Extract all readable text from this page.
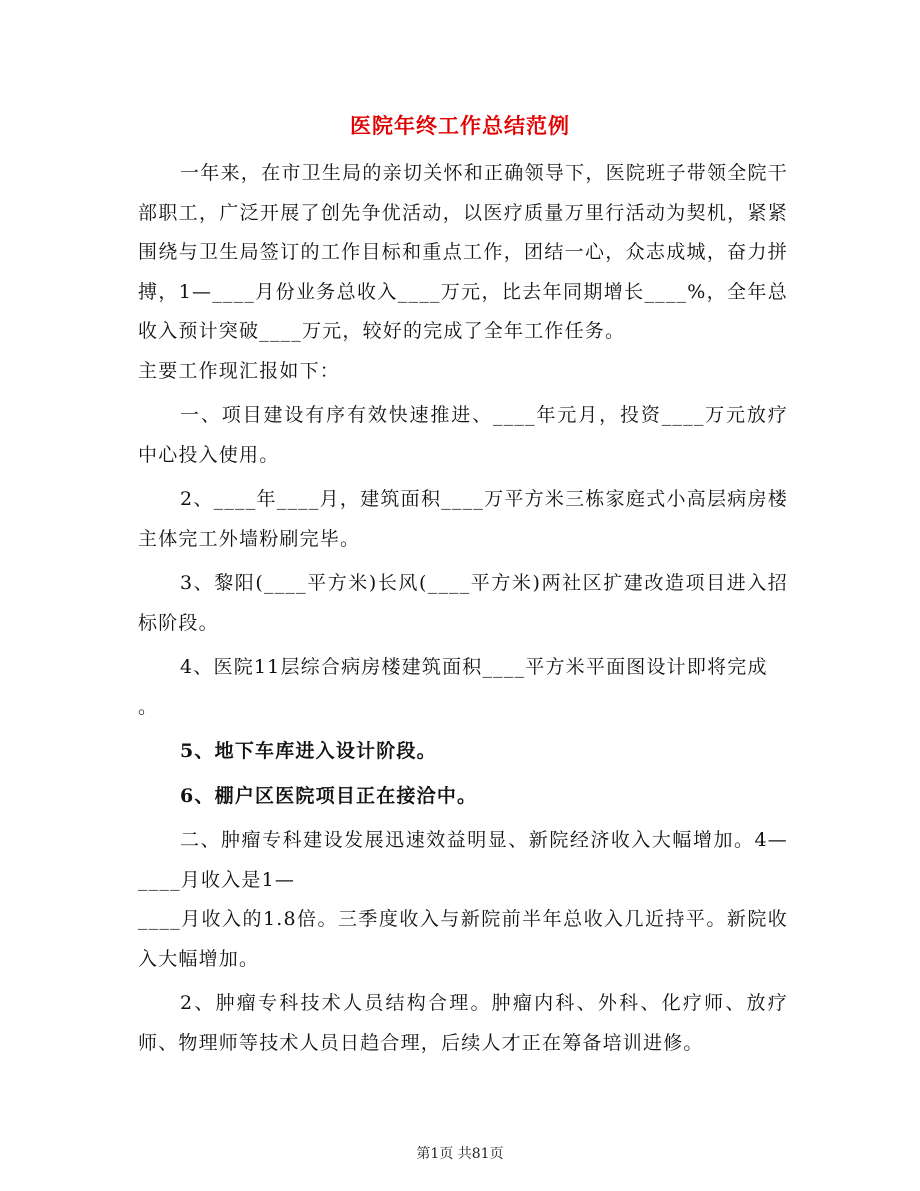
医院年终工作总结范例

一年来，在市卫生局的亲切关怀和正确领导下，医院班子带领全院干部职工，广泛开展了创先争优活动，以医疗质量万里行活动为契机，紧紧围绕与卫生局签订的工作目标和重点工作，团结一心，众志成城，奋力拼搏，1—____月份业务总收入____万元，比去年同期增长____%，全年总收入预计突破____万元，较好的完成了全年工作任务。

主要工作现汇报如下：

一、项目建设有序有效快速推进、____年元月，投资____万元放疗中心投入使用。

2、____年____月，建筑面积____万平方米三栋家庭式小高层病房楼主体完工外墙粉刷完毕。

3、黎阳(____平方米)长风(____平方米)两社区扩建改造项目进入招标阶段。

4、医院11层综合病房楼建筑面积____平方米平面图设计即将完成

。

5、地下车库进入设计阶段。

6、棚户区医院项目正在接洽中。

二、肿瘤专科建设发展迅速效益明显、新院经济收入大幅增加。4—____月收入是1—

____月收入的1.8倍。三季度收入与新院前半年总收入几近持平。新院收入大幅增加。

2、肿瘤专科技术人员结构合理。肿瘤内科、外科、化疗师、放疗师、物理师等技术人员日趋合理，后续人才正在筹备培训进修。

第1页 共81页
